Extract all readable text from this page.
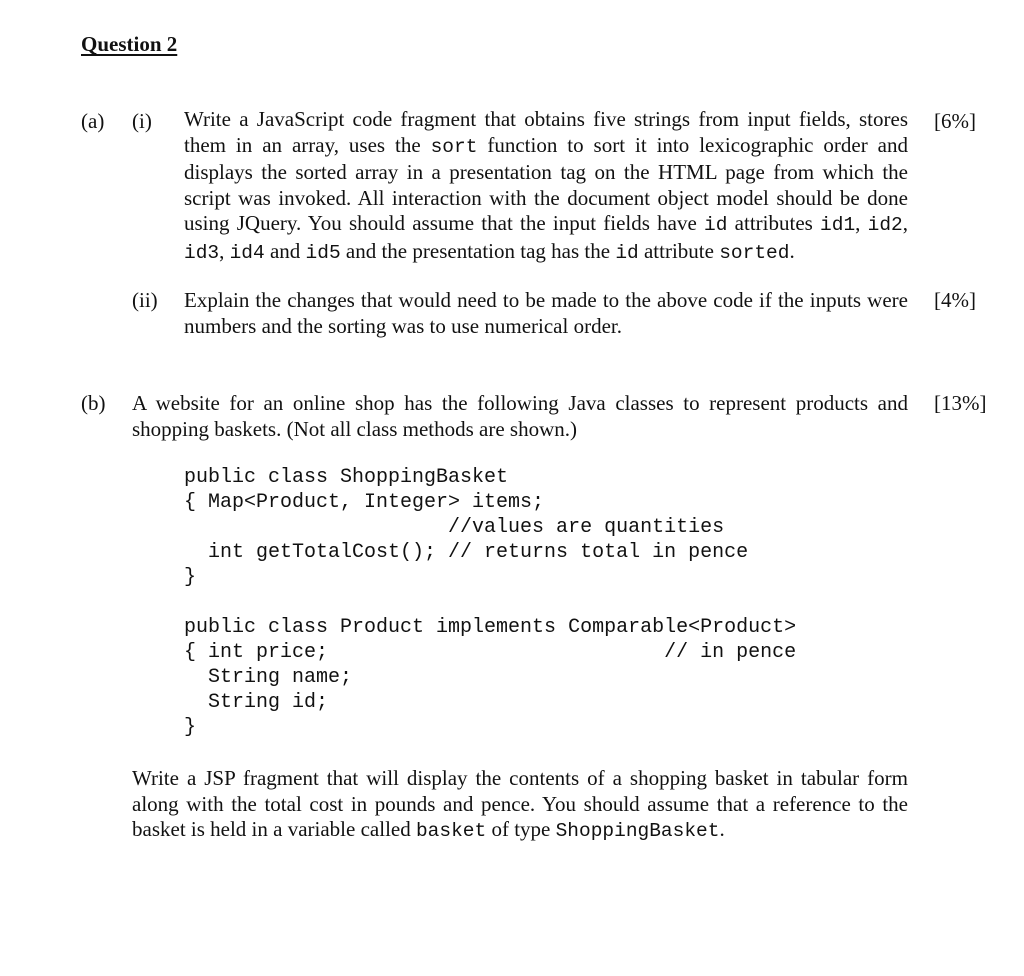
Question 2
(a) (i)	[6%]
Write a JavaScript code fragment that obtains five strings from input fields, stores them in an array, uses the sort function to sort it into lexicographic order and displays the sorted array in a presentation tag on the HTML page from which the script was invoked. All interaction with the document object model should be done using JQuery. You should assume that the input fields have id attributes id1, id2, id3, id4 and id5 and the presentation tag has the id attribute sorted.
(ii)	[4%]
Explain the changes that would need to be made to the above code if the inputs were numbers and the sorting was to use numerical order.
(b)	[13%]
A website for an online shop has the following Java classes to represent products and shopping baskets. (Not all class methods are shown.)
public class ShoppingBasket
{ Map<Product, Integer> items;
//values are quantities
int getTotalCost(); // returns total in pence
}
public class Product implements Comparable<Product>
{ int price;                            // in pence
String name;
String id;
}
Write a JSP fragment that will display the contents of a shopping basket in tabular form along with the total cost in pounds and pence. You should assume that a reference to the basket is held in a variable called basket of type ShoppingBasket.
